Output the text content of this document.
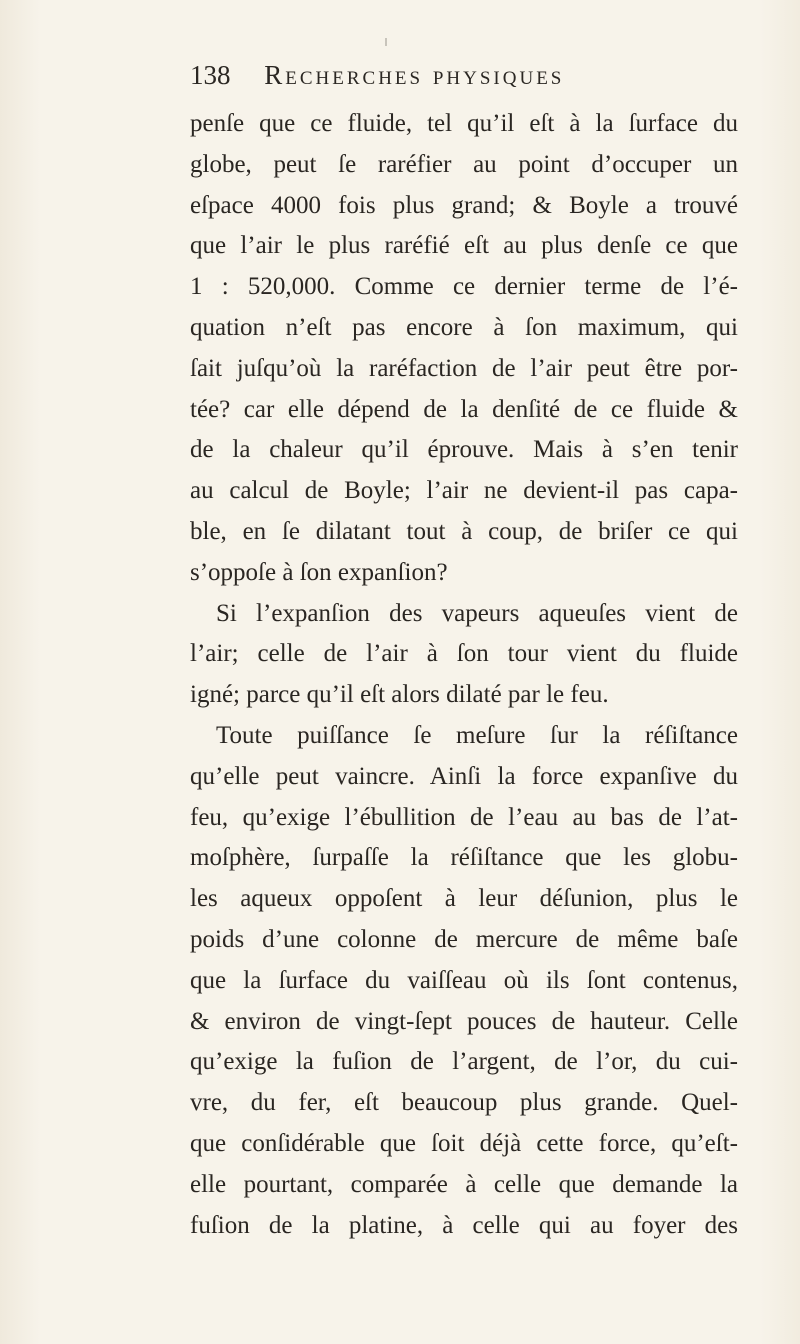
138 Recherches physiques
penſe que ce fluide, tel qu’il eſt à la ſurface du
globe, peut ſe raréfier au point d’occuper un
eſpace 4000 fois plus grand; & Boyle a trouvé
que l’air le plus raréfié eſt au plus denſe ce que
1 : 520,000. Comme ce dernier terme de l’é-
quation n’eſt pas encore à ſon maximum, qui
ſait juſqu’où la raréfaction de l’air peut être por-
tée? car elle dépend de la denſité de ce fluide &
de la chaleur qu’il éprouve. Mais à s’en tenir
au calcul de Boyle; l’air ne devient-il pas capa-
ble, en ſe dilatant tout à coup, de briſer ce qui
s’oppoſe à ſon expanſion?
Si l’expanſion des vapeurs aqueuſes vient de
l’air; celle de l’air à ſon tour vient du fluide
igné; parce qu’il eſt alors dilaté par le feu.
Toute puiſſance ſe meſure ſur la réſiſtance
qu’elle peut vaincre. Ainſi la force expanſive du
feu, qu’exige l’ébullition de l’eau au bas de l’at-
moſphère, ſurpaſſe la réſiſtance que les globu-
les aqueux oppoſent à leur déſunion, plus le
poids d’une colonne de mercure de même baſe
que la ſurface du vaiſſeau où ils ſont contenus,
& environ de vingt-ſept pouces de hauteur. Celle
qu’exige la fuſion de l’argent, de l’or, du cui-
vre, du fer, eſt beaucoup plus grande. Quel-
que conſidérable que ſoit déjà cette force, qu’eſt-
elle pourtant, comparée à celle que demande la
fuſion de la platine, à celle qui au foyer des
